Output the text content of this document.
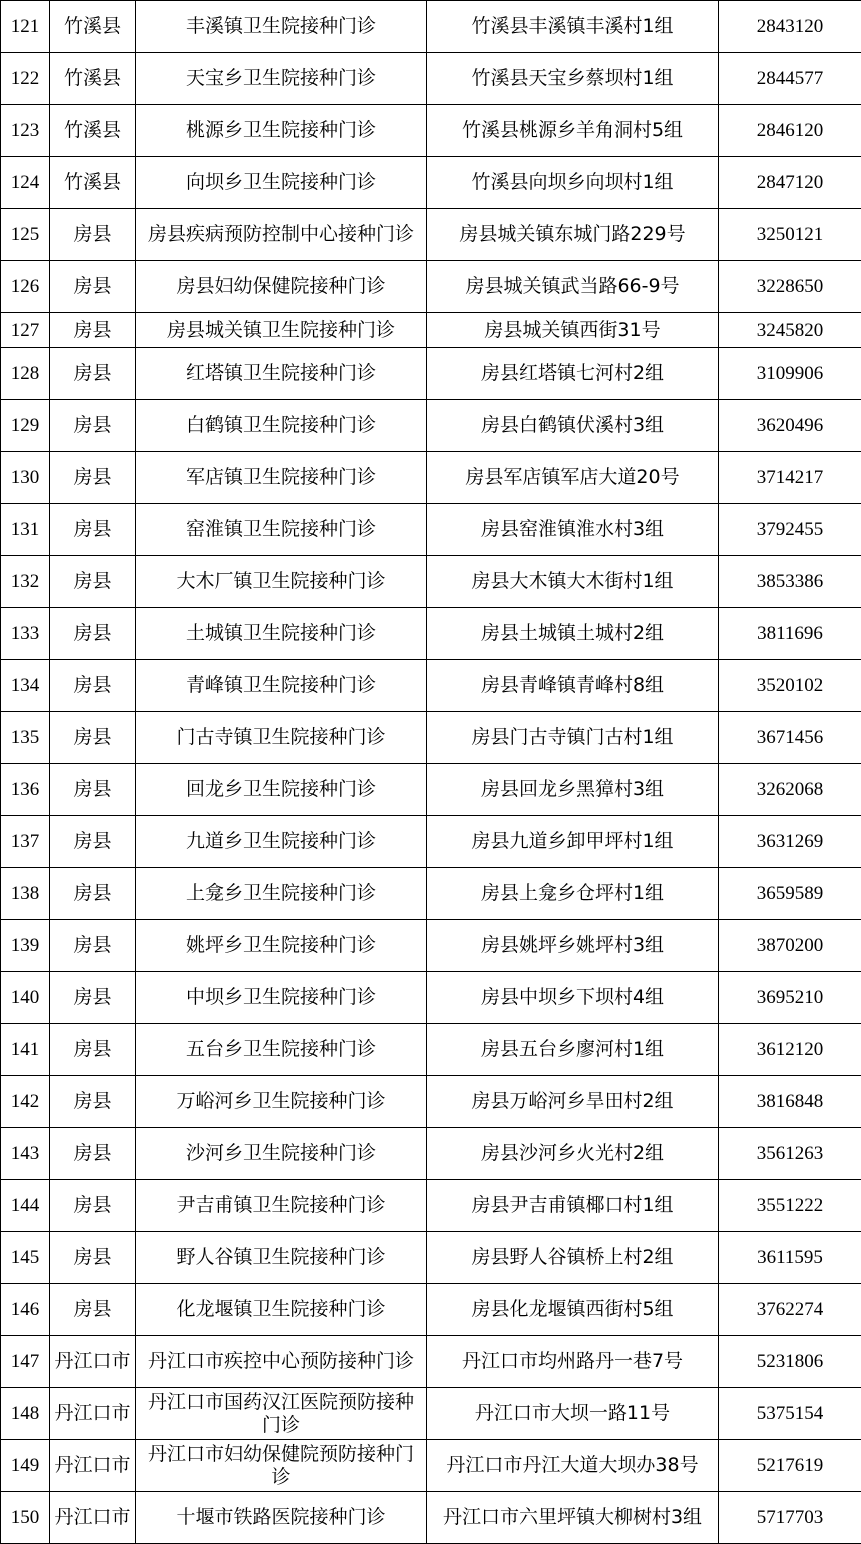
121	竹溪县	丰溪镇卫生院接种门诊	竹溪县丰溪镇丰溪村1组	2843120
122	竹溪县	天宝乡卫生院接种门诊	竹溪县天宝乡蔡坝村1组	2844577
123	竹溪县	桃源乡卫生院接种门诊	竹溪县桃源乡羊角洞村5组	2846120
124	竹溪县	向坝乡卫生院接种门诊	竹溪县向坝乡向坝村1组	2847120
125	房县	房县疾病预防控制中心接种门诊	房县城关镇东城门路229号	3250121
126	房县	房县妇幼保健院接种门诊	房县城关镇武当路66-9号	3228650
127	房县	房县城关镇卫生院接种门诊	房县城关镇西街31号	3245820
128	房县	红塔镇卫生院接种门诊	房县红塔镇七河村2组	3109906
129	房县	白鹤镇卫生院接种门诊	房县白鹤镇伏溪村3组	3620496
130	房县	军店镇卫生院接种门诊	房县军店镇军店大道20号	3714217
131	房县	窑淮镇卫生院接种门诊	房县窑淮镇淮水村3组	3792455
132	房县	大木厂镇卫生院接种门诊	房县大木镇大木街村1组	3853386
133	房县	土城镇卫生院接种门诊	房县土城镇土城村2组	3811696
134	房县	青峰镇卫生院接种门诊	房县青峰镇青峰村8组	3520102
135	房县	门古寺镇卫生院接种门诊	房县门古寺镇门古村1组	3671456
136	房县	回龙乡卫生院接种门诊	房县回龙乡黑獐村3组	3262068
137	房县	九道乡卫生院接种门诊	房县九道乡卸甲坪村1组	3631269
138	房县	上龛乡卫生院接种门诊	房县上龛乡仓坪村1组	3659589
139	房县	姚坪乡卫生院接种门诊	房县姚坪乡姚坪村3组	3870200
140	房县	中坝乡卫生院接种门诊	房县中坝乡下坝村4组	3695210
141	房县	五台乡卫生院接种门诊	房县五台乡廖河村1组	3612120
142	房县	万峪河乡卫生院接种门诊	房县万峪河乡旱田村2组	3816848
143	房县	沙河乡卫生院接种门诊	房县沙河乡火光村2组	3561263
144	房县	尹吉甫镇卫生院接种门诊	房县尹吉甫镇椰口村1组	3551222
145	房县	野人谷镇卫生院接种门诊	房县野人谷镇桥上村2组	3611595
146	房县	化龙堰镇卫生院接种门诊	房县化龙堰镇西街村5组	3762274
147	丹江口市	丹江口市疾控中心预防接种门诊	丹江口市均州路丹一巷7号	5231806
148	丹江口市	丹江口市国药汉江医院预防接种门诊	丹江口市大坝一路11号	5375154
149	丹江口市	丹江口市妇幼保健院预防接种门诊	丹江口市丹江大道大坝办38号	5217619
150	丹江口市	十堰市铁路医院接种门诊	丹江口市六里坪镇大柳树村3组	5717703
